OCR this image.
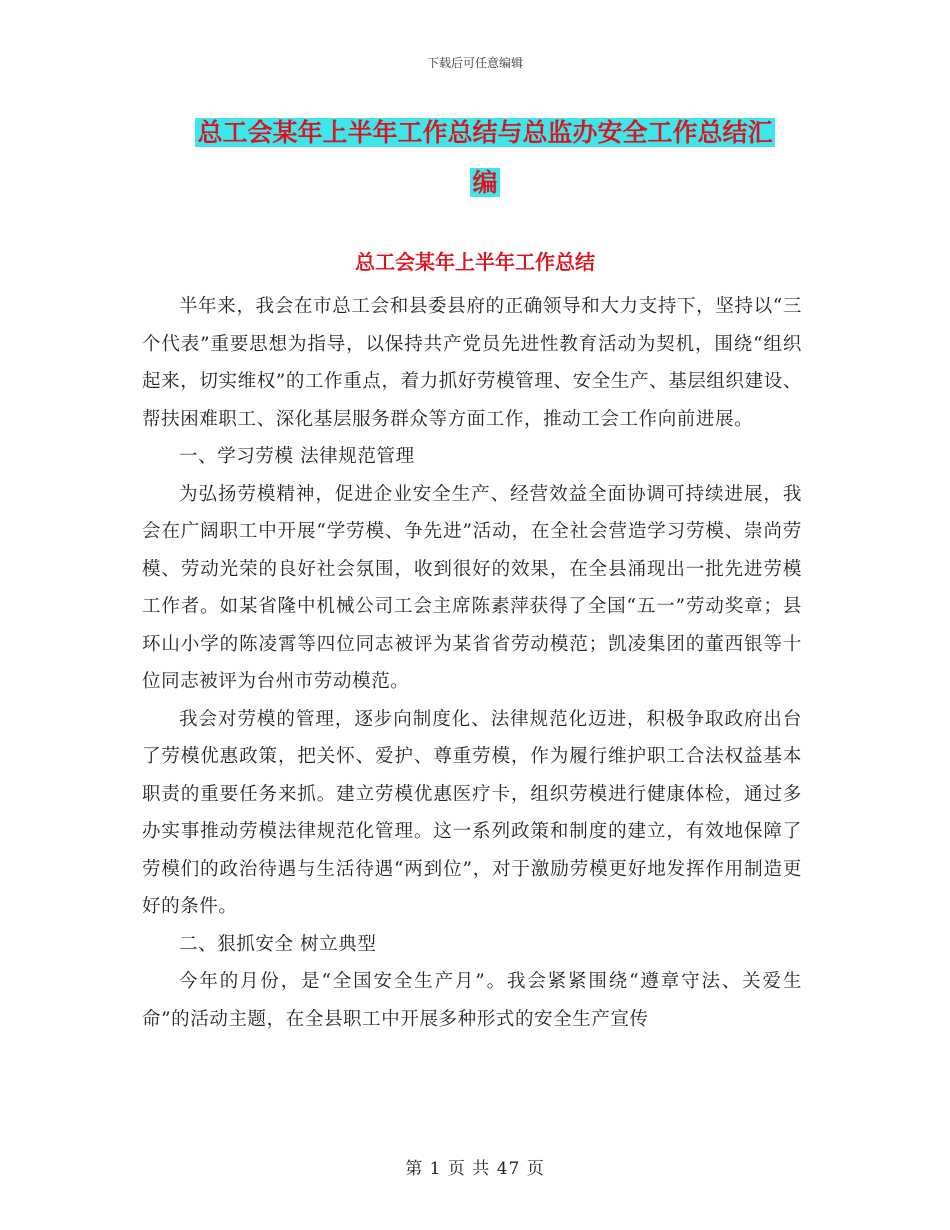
下载后可任意编辑
总工会某年上半年工作总结与总监办安全工作总结汇
编
总工会某年上半年工作总结

半年来，我会在市总工会和县委县府的正确领导和大力支持下，坚持以“三个代表”重要思想为指导，以保持共产党员先进性教育活动为契机，围绕“组织起来，切实维权”的工作重点，着力抓好劳模管理、安全生产、基层组织建设、帮扶困难职工、深化基层服务群众等方面工作，推动工会工作向前进展。

一、学习劳模 法律规范管理

为弘扬劳模精神，促进企业安全生产、经营效益全面协调可持续进展，我会在广阔职工中开展“学劳模、争先进”活动，在全社会营造学习劳模、崇尚劳模、劳动光荣的良好社会氛围，收到很好的效果，在全县涌现出一批先进劳模工作者。如某省隆中机械公司工会主席陈素萍获得了全国“五一”劳动奖章；县环山小学的陈凌霄等四位同志被评为某省省劳动模范；凯凌集团的董西银等十位同志被评为台州市劳动模范。

我会对劳模的管理，逐步向制度化、法律规范化迈进，积极争取政府出台了劳模优惠政策，把关怀、爱护、尊重劳模，作为履行维护职工合法权益基本职责的重要任务来抓。建立劳模优惠医疗卡，组织劳模进行健康体检，通过多办实事推动劳模法律规范化管理。这一系列政策和制度的建立，有效地保障了劳模们的政治待遇与生活待遇“两到位”，对于激励劳模更好地发挥作用制造更好的条件。

二、狠抓安全 树立典型

今年的月份，是“全国安全生产月”。我会紧紧围绕“遵章守法、关爱生命”的活动主题，在全县职工中开展多种形式的安全生产宣传

第 1 页 共 47 页
